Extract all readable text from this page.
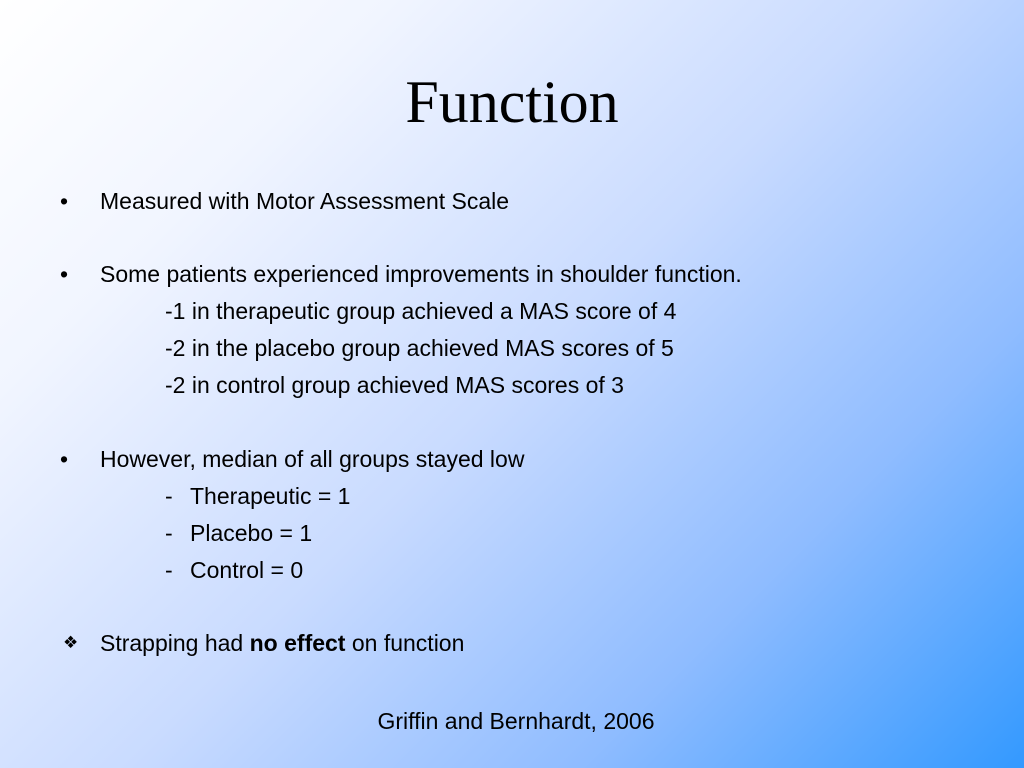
Function
• Measured with Motor Assessment Scale
• Some patients experienced improvements in shoulder function.
-1 in therapeutic group achieved a MAS score of 4
-2 in the placebo group achieved MAS scores of 5
-2 in control group achieved MAS scores of 3
• However, median of all groups stayed low
- Therapeutic = 1
- Placebo = 1
- Control = 0
❖ Strapping had no effect on function
Griffin and Bernhardt, 2006
